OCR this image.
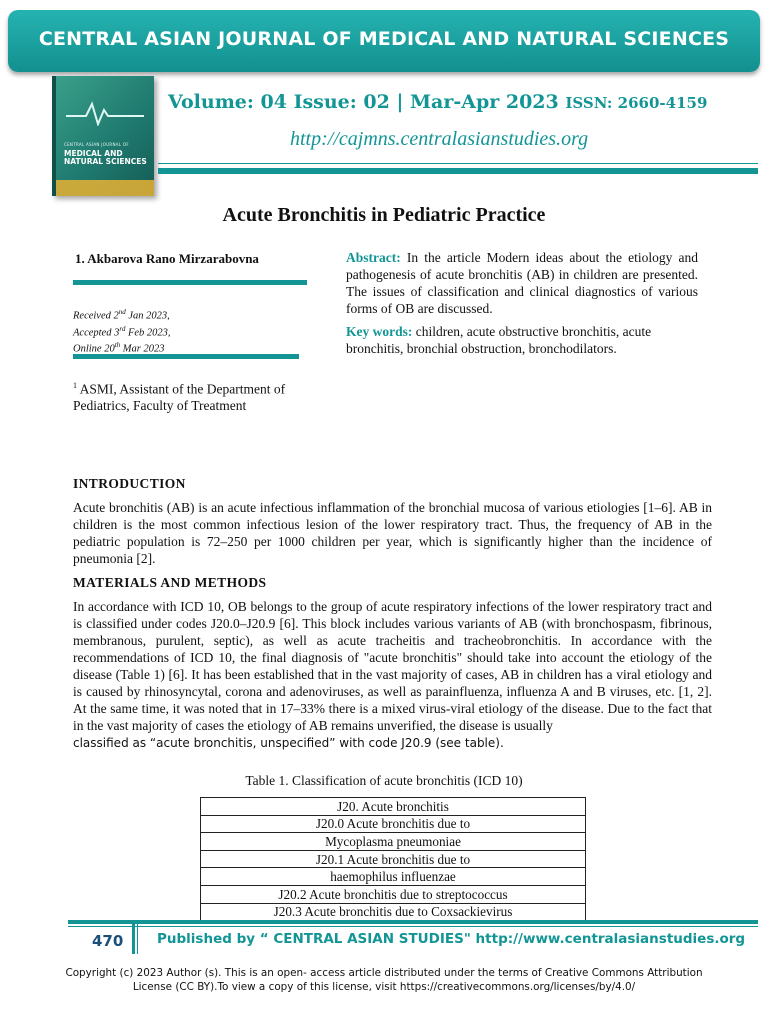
CENTRAL ASIAN JOURNAL OF MEDICAL AND NATURAL SCIENCES
CENTRAL ASIAN JOURNAL OF
MEDICAL AND NATURAL SCIENCES
Volume: 04 Issue: 02 | Mar-Apr 2023 ISSN: 2660-4159
http://cajmns.centralasianstudies.org
Acute Bronchitis in Pediatric Practice
1. Akbarova Rano Mirzarabovna
Received 2nd Jan 2023,
Accepted 3rd Feb 2023,
Online 20th Mar 2023
$^1$ ASMI, Assistant of the Department of Pediatrics, Faculty of Treatment
Abstract: In the article Modern ideas about the etiology and pathogenesis of acute bronchitis (AB) in children are presented. The issues of classification and clinical diagnostics of various forms of OB are discussed.
Key words: children, acute obstructive bronchitis, acute bronchitis, bronchial obstruction, bronchodilators.
INTRODUCTION

Acute bronchitis (AB) is an acute infectious inflammation of the bronchial mucosa of various etiologies [1–6]. AB in children is the most common infectious lesion of the lower respiratory tract. Thus, the frequency of AB in the pediatric population is 72–250 per 1000 children per year, which is significantly higher than the incidence of pneumonia [2].

MATERIALS AND METHODS

In accordance with ICD 10, OB belongs to the group of acute respiratory infections of the lower respiratory tract and is classified under codes J20.0–J20.9 [6]. This block includes various variants of AB (with bronchospasm, fibrinous, membranous, purulent, septic), as well as acute tracheitis and tracheobronchitis. In accordance with the recommendations of ICD 10, the final diagnosis of "acute bronchitis" should take into account the etiology of the disease (Table 1) [6]. It has been established that in the vast majority of cases, AB in children has a viral etiology and is caused by rhinosyncytal, corona and adenoviruses, as well as parainfluenza, influenza A and B viruses, etc. [1, 2]. At the same time, it was noted that in 17–33% there is a mixed virus-viral etiology of the disease. Due to the fact that in the vast majority of cases the etiology of AB remains unverified, the disease is usually
classified as “acute bronchitis, unspecified” with code J20.9 (see table).

Table 1. Classification of acute bronchitis (ICD 10)
J20. Acute bronchitis
J20.0 Acute bronchitis due to
Mycoplasma pneumoniae
J20.1 Acute bronchitis due to
haemophilus influenzae
J20.2 Acute bronchitis due to streptococcus
J20.3 Acute bronchitis due to Coxsackievirus
470 Published by “ CENTRAL ASIAN STUDIES" http://www.centralasianstudies.org
Copyright (c) 2023 Author (s). This is an open- access article distributed under the terms of Creative Commons Attribution License (CC BY).To view a copy of this license, visit https://creativecommons.org/licenses/by/4.0/
